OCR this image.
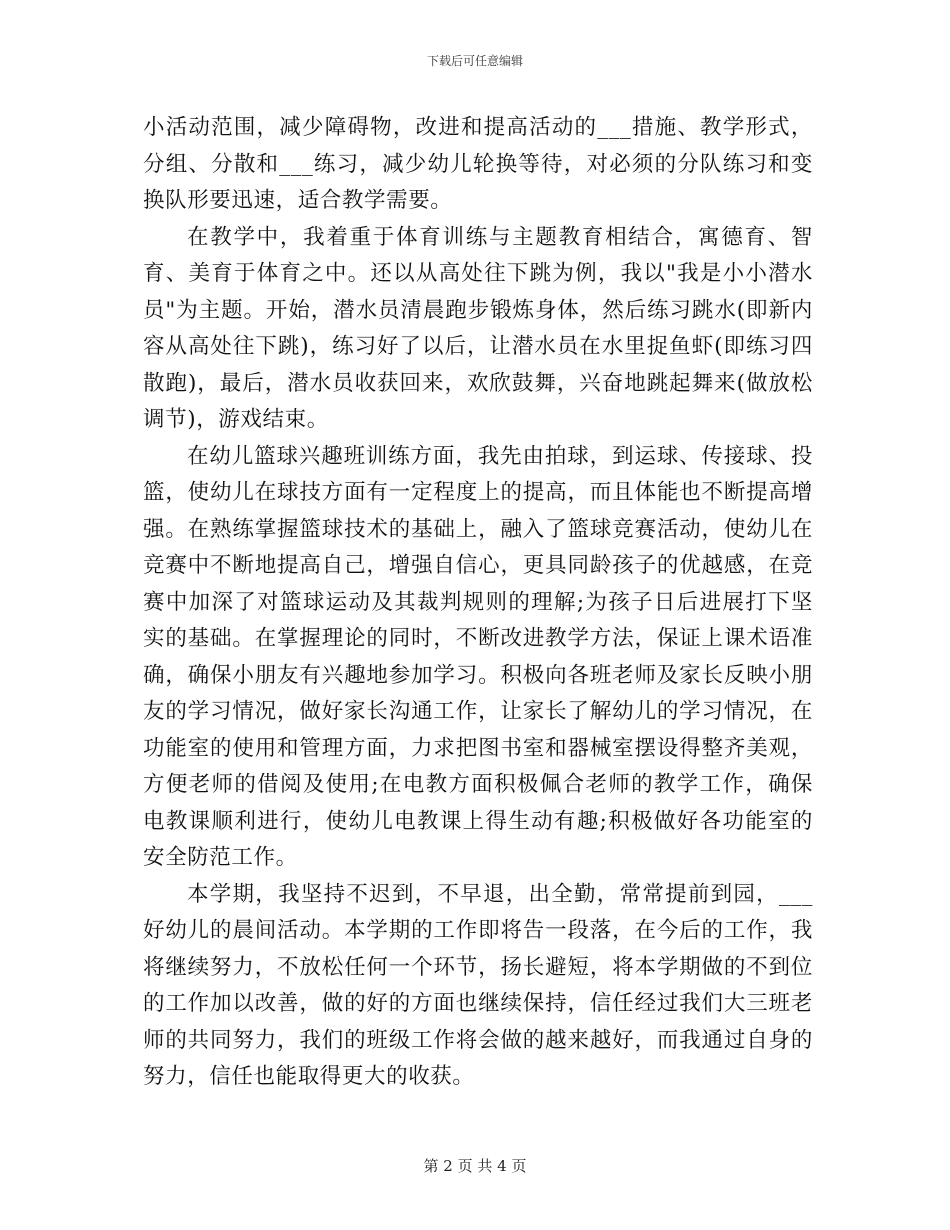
下载后可任意编辑

小活动范围，减少障碍物，改进和提高活动的___措施、教学形式，分组、分散和___练习，减少幼儿轮换等待，对必须的分队练习和变换队形要迅速，适合教学需要。

在教学中，我着重于体育训练与主题教育相结合，寓德育、智育、美育于体育之中。还以从高处往下跳为例，我以"我是小小潜水员"为主题。开始，潜水员清晨跑步锻炼身体，然后练习跳水(即新内容从高处往下跳)，练习好了以后，让潜水员在水里捉鱼虾(即练习四散跑)，最后，潜水员收获回来，欢欣鼓舞，兴奋地跳起舞来(做放松调节)，游戏结束。

在幼儿篮球兴趣班训练方面，我先由拍球，到运球、传接球、投篮，使幼儿在球技方面有一定程度上的提高，而且体能也不断提高增强。在熟练掌握篮球技术的基础上，融入了篮球竞赛活动，使幼儿在竞赛中不断地提高自己，增强自信心，更具同龄孩子的优越感，在竞赛中加深了对篮球运动及其裁判规则的理解;为孩子日后进展打下坚实的基础。在掌握理论的同时，不断改进教学方法，保证上课术语准确，确保小朋友有兴趣地参加学习。积极向各班老师及家长反映小朋友的学习情况，做好家长沟通工作，让家长了解幼儿的学习情况，在功能室的使用和管理方面，力求把图书室和器械室摆设得整齐美观，方便老师的借阅及使用;在电教方面积极佩合老师的教学工作，确保电教课顺利进行，使幼儿电教课上得生动有趣;积极做好各功能室的安全防范工作。

本学期，我坚持不迟到，不早退，出全勤，常常提前到园，___好幼儿的晨间活动。本学期的工作即将告一段落，在今后的工作，我将继续努力，不放松任何一个环节，扬长避短，将本学期做的不到位的工作加以改善，做的好的方面也继续保持，信任经过我们大三班老师的共同努力，我们的班级工作将会做的越来越好，而我通过自身的努力，信任也能取得更大的收获。

第 2 页 共 4 页
